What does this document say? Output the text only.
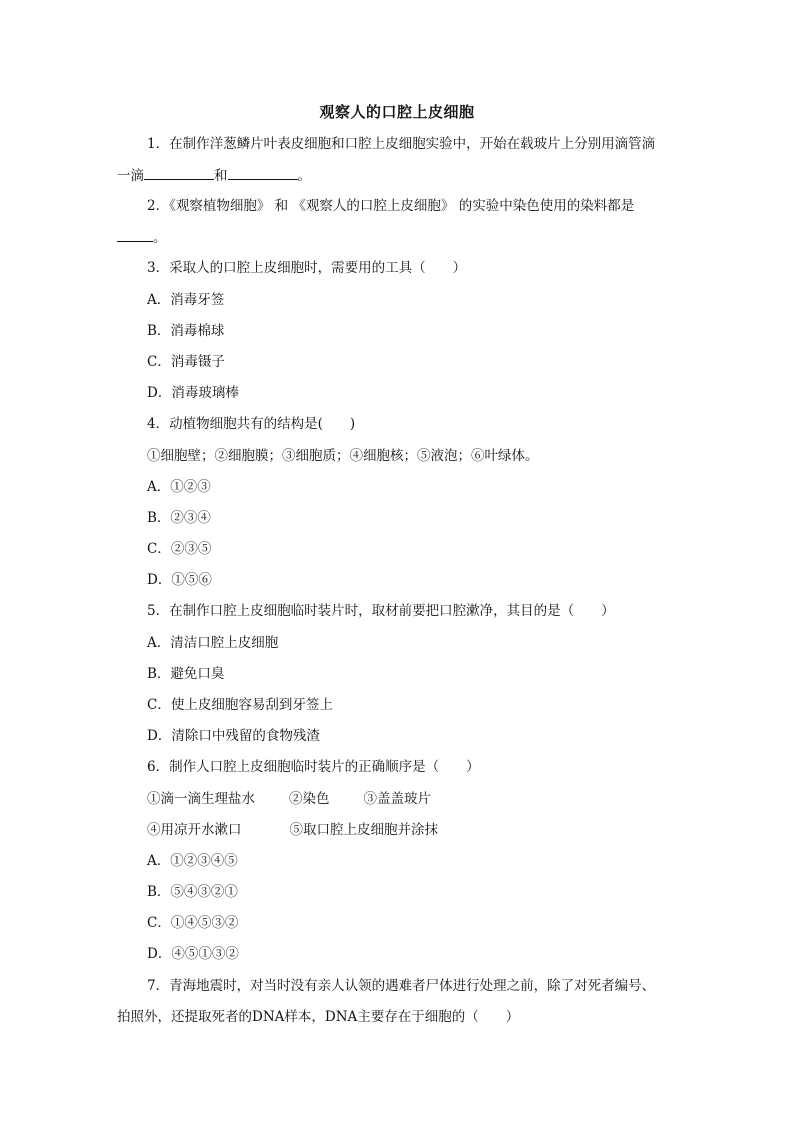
观察人的口腔上皮细胞
1．在制作洋葱鳞片叶表皮细胞和口腔上皮细胞实验中，开始在载玻片上分别用滴管滴
一滴	和	。
2．《观察植物细胞》 和 《观察人的口腔上皮细胞》 的实验中染色使用的染料都是
。
3．采取人的口腔上皮细胞时，需要用的工具（　　）
A．消毒牙签
B．消毒棉球
C．消毒镊子
D．消毒玻璃棒
4．动植物细胞共有的结构是(　　)
①细胞壁；②细胞膜；③细胞质；④细胞核；⑤液泡；⑥叶绿体。
A．①②③
B．②③④
C．②③⑤
D．①⑤⑥
5．在制作口腔上皮细胞临时装片时，取材前要把口腔漱净，其目的是（　　）
A．清洁口腔上皮细胞
B．避免口臭
C．使上皮细胞容易刮到牙签上
D．清除口中残留的食物残渣
6．制作人口腔上皮细胞临时装片的正确顺序是（　　）
①滴一滴生理盐水	②染色	③盖盖玻片
④用凉开水漱口	⑤取口腔上皮细胞并涂抹
A．①②③④⑤
B．⑤④③②①
C．①④⑤③②
D．④⑤①③②
7．青海地震时，对当时没有亲人认领的遇难者尸体进行处理之前，除了对死者编号、
拍照外，还提取死者的DNA样本，DNA主要存在于细胞的（　　）
